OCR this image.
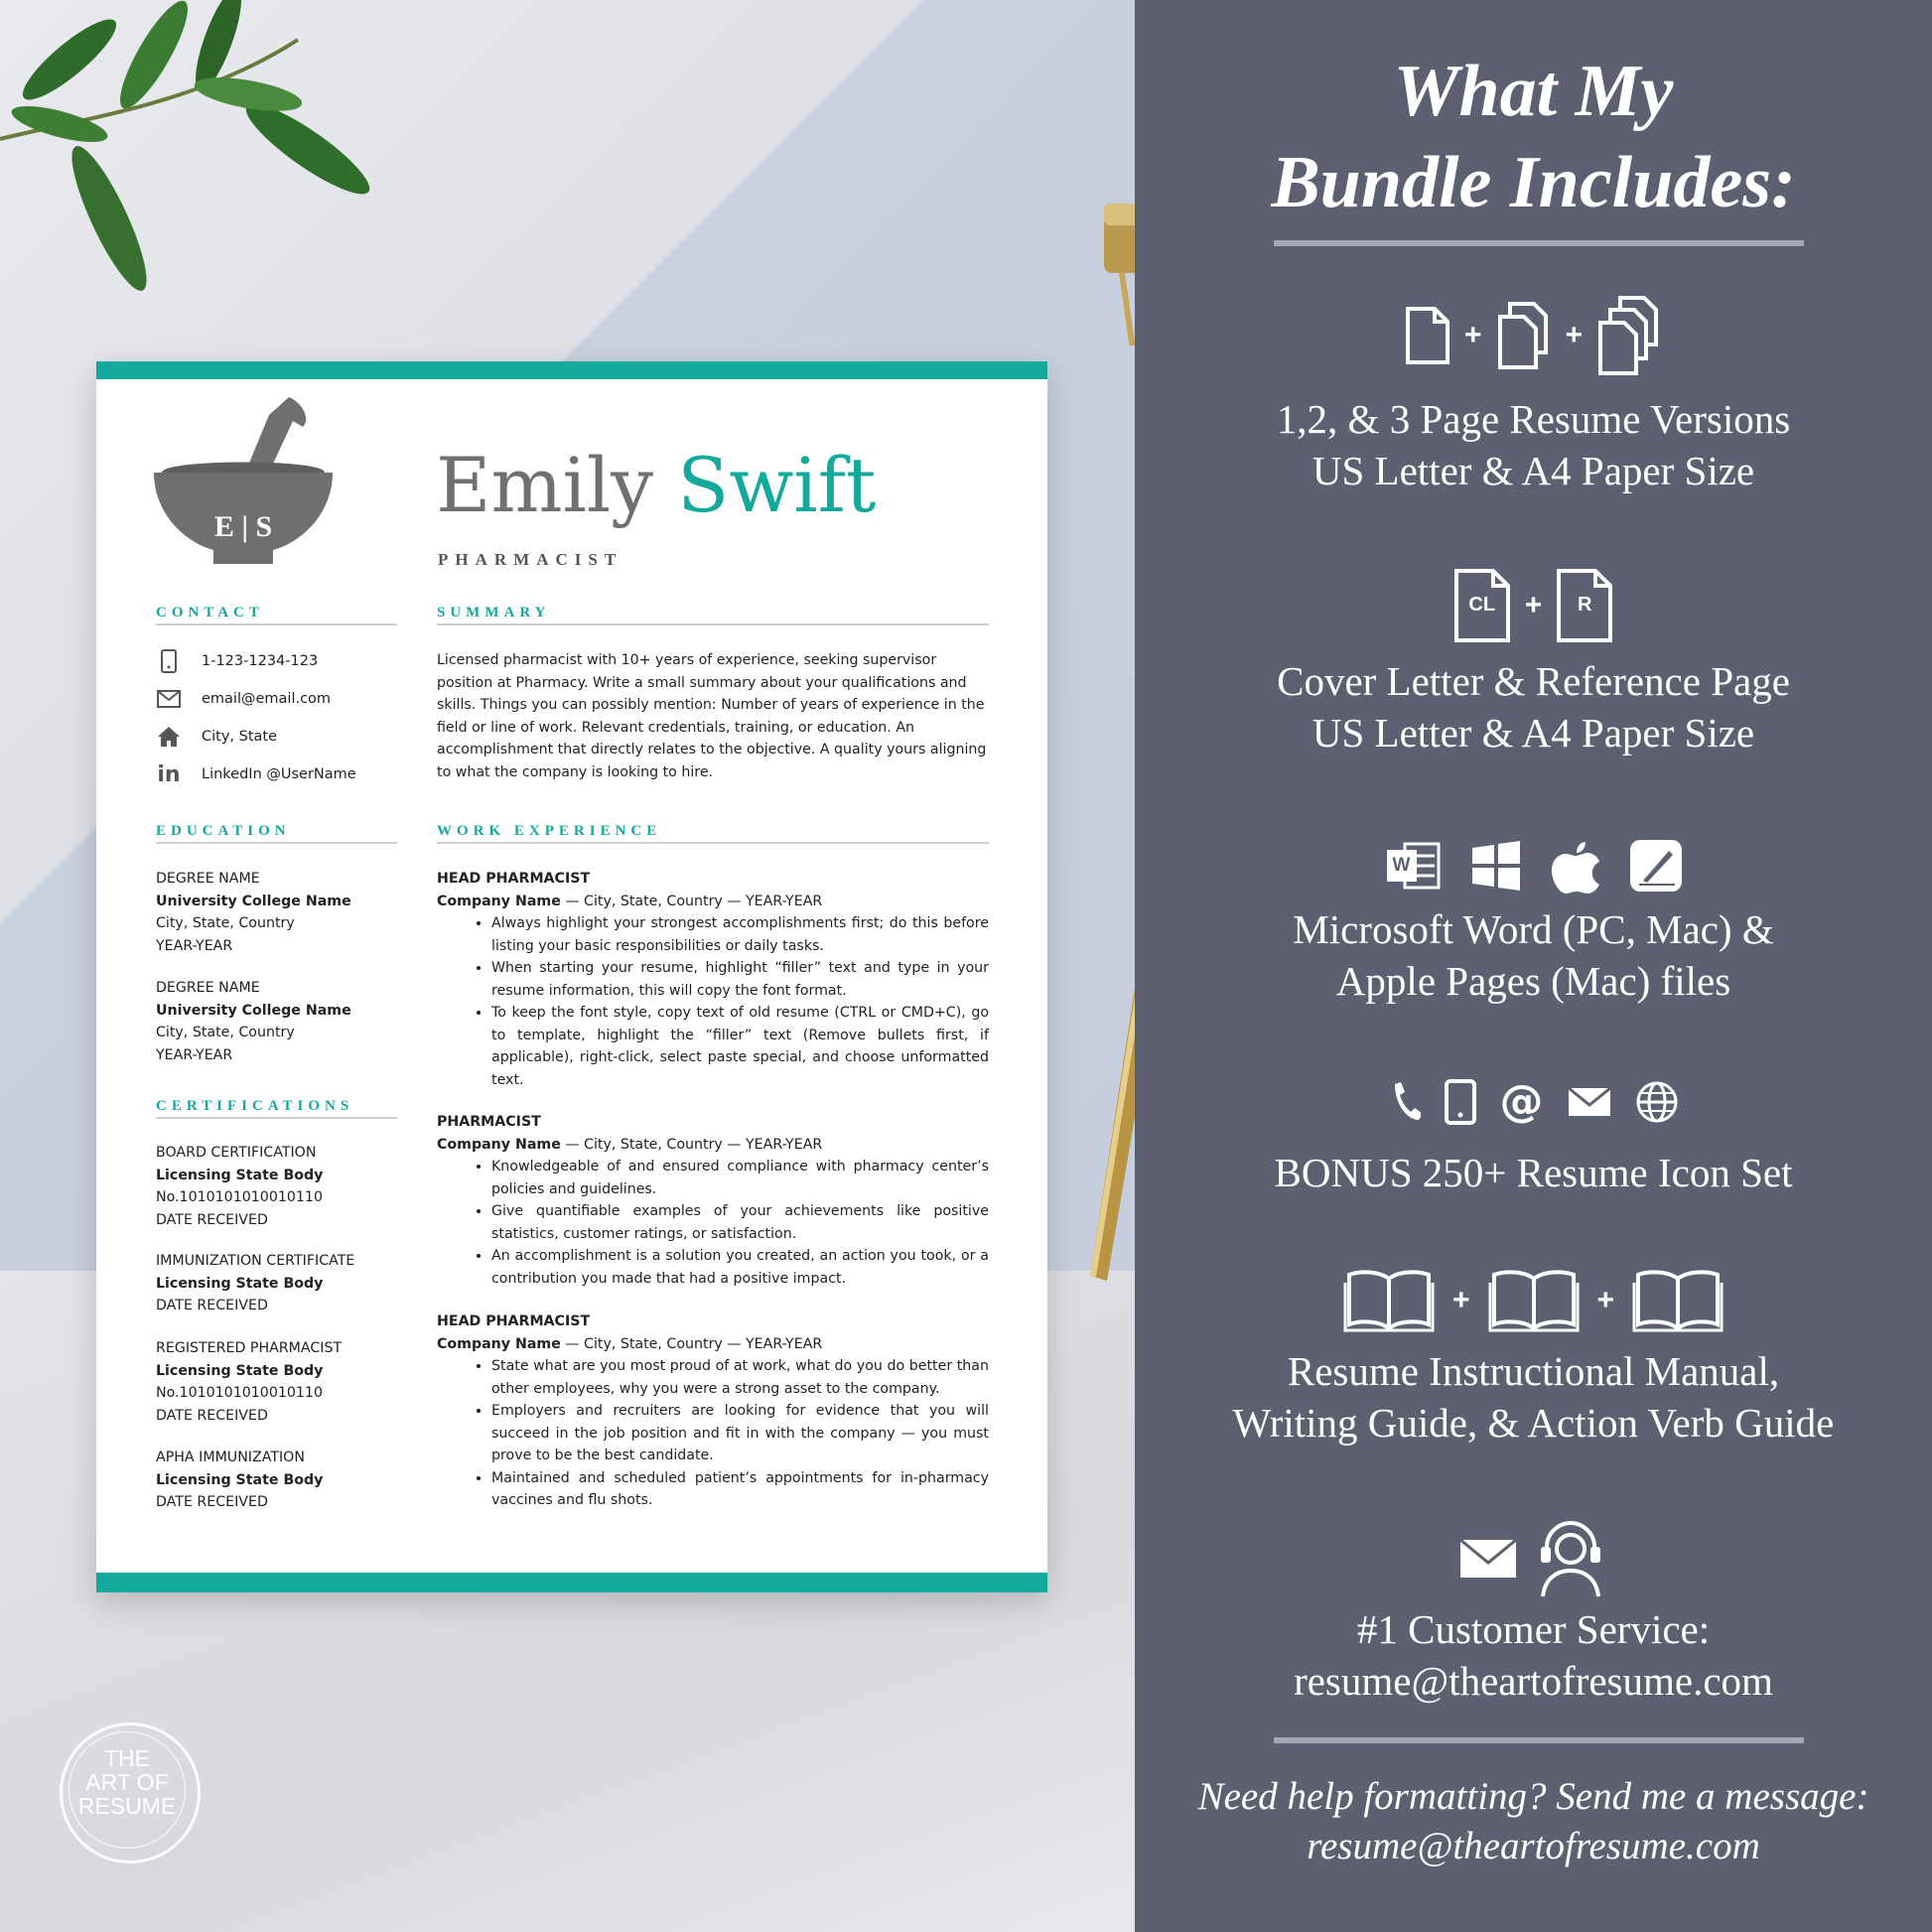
E | S Emily Swift
PHARMACIST
CONTACT
1-123-1234-123
email@email.com
City, State
in LinkedIn @UserName
EDUCATION
DEGREE NAME
University College Name
City, State, Country
YEAR-YEAR
DEGREE NAME
University College Name
City, State, Country
YEAR-YEAR
CERTIFICATIONS
BOARD CERTIFICATION
Licensing State Body
No.1010101010010110
DATE RECEIVED
IMMUNIZATION CERTIFICATE
Licensing State Body
DATE RECEIVED
REGISTERED PHARMACIST
Licensing State Body
No.1010101010010110
DATE RECEIVED
APHA IMMUNIZATION
Licensing State Body
DATE RECEIVED
SUMMARY
Licensed pharmacist with 10+ years of experience, seeking supervisor position at Pharmacy. Write a small summary about your qualifications and skills. Things you can possibly mention: Number of years of experience in the field or line of work. Relevant credentials, training, or education. An accomplishment that directly relates to the objective. A quality yours aligning to what the company is looking to hire.
WORK EXPERIENCE
HEAD PHARMACIST
Company Name — City, State, Country — YEAR-YEAR
• Always highlight your strongest accomplishments first; do this before listing your basic responsibilities or daily tasks.
• When starting your resume, highlight “filler” text and type in your resume information, this will copy the font format.
• To keep the font style, copy text of old resume (CTRL or CMD+C), go to template, highlight the “filler” text (Remove bullets first, if applicable), right-click, select paste special, and choose unformatted text.
PHARMACIST
Company Name — City, State, Country — YEAR-YEAR
• Knowledgeable of and ensured compliance with pharmacy center’s policies and guidelines.
• Give quantifiable examples of your achievements like positive statistics, customer ratings, or satisfaction.
• An accomplishment is a solution you created, an action you took, or a contribution you made that had a positive impact.
HEAD PHARMACIST
Company Name — City, State, Country — YEAR-YEAR
• State what are you most proud of at work, what do you do better than other employees, why you were a strong asset to the company.
• Employers and recruiters are looking for evidence that you will succeed in the job position and fit in with the company — you must prove to be the best candidate.
• Maintained and scheduled patient’s appointments for in-pharmacy vaccines and flu shots.
THE
ART OF
RESUME
What My
Bundle Includes:
+	+
1,2, & 3 Page Resume Versions
US Letter & A4 Paper Size
CL +	R
Cover Letter & Reference Page
US Letter & A4 Paper Size
W
Microsoft Word (PC, Mac) &
Apple Pages (Mac) files
@
BONUS 250+ Resume Icon Set
+	+
Resume Instructional Manual,
Writing Guide, & Action Verb Guide
#1 Customer Service:
resume@theartofresume.com
Need help formatting? Send me a message:
resume@theartofresume.com
